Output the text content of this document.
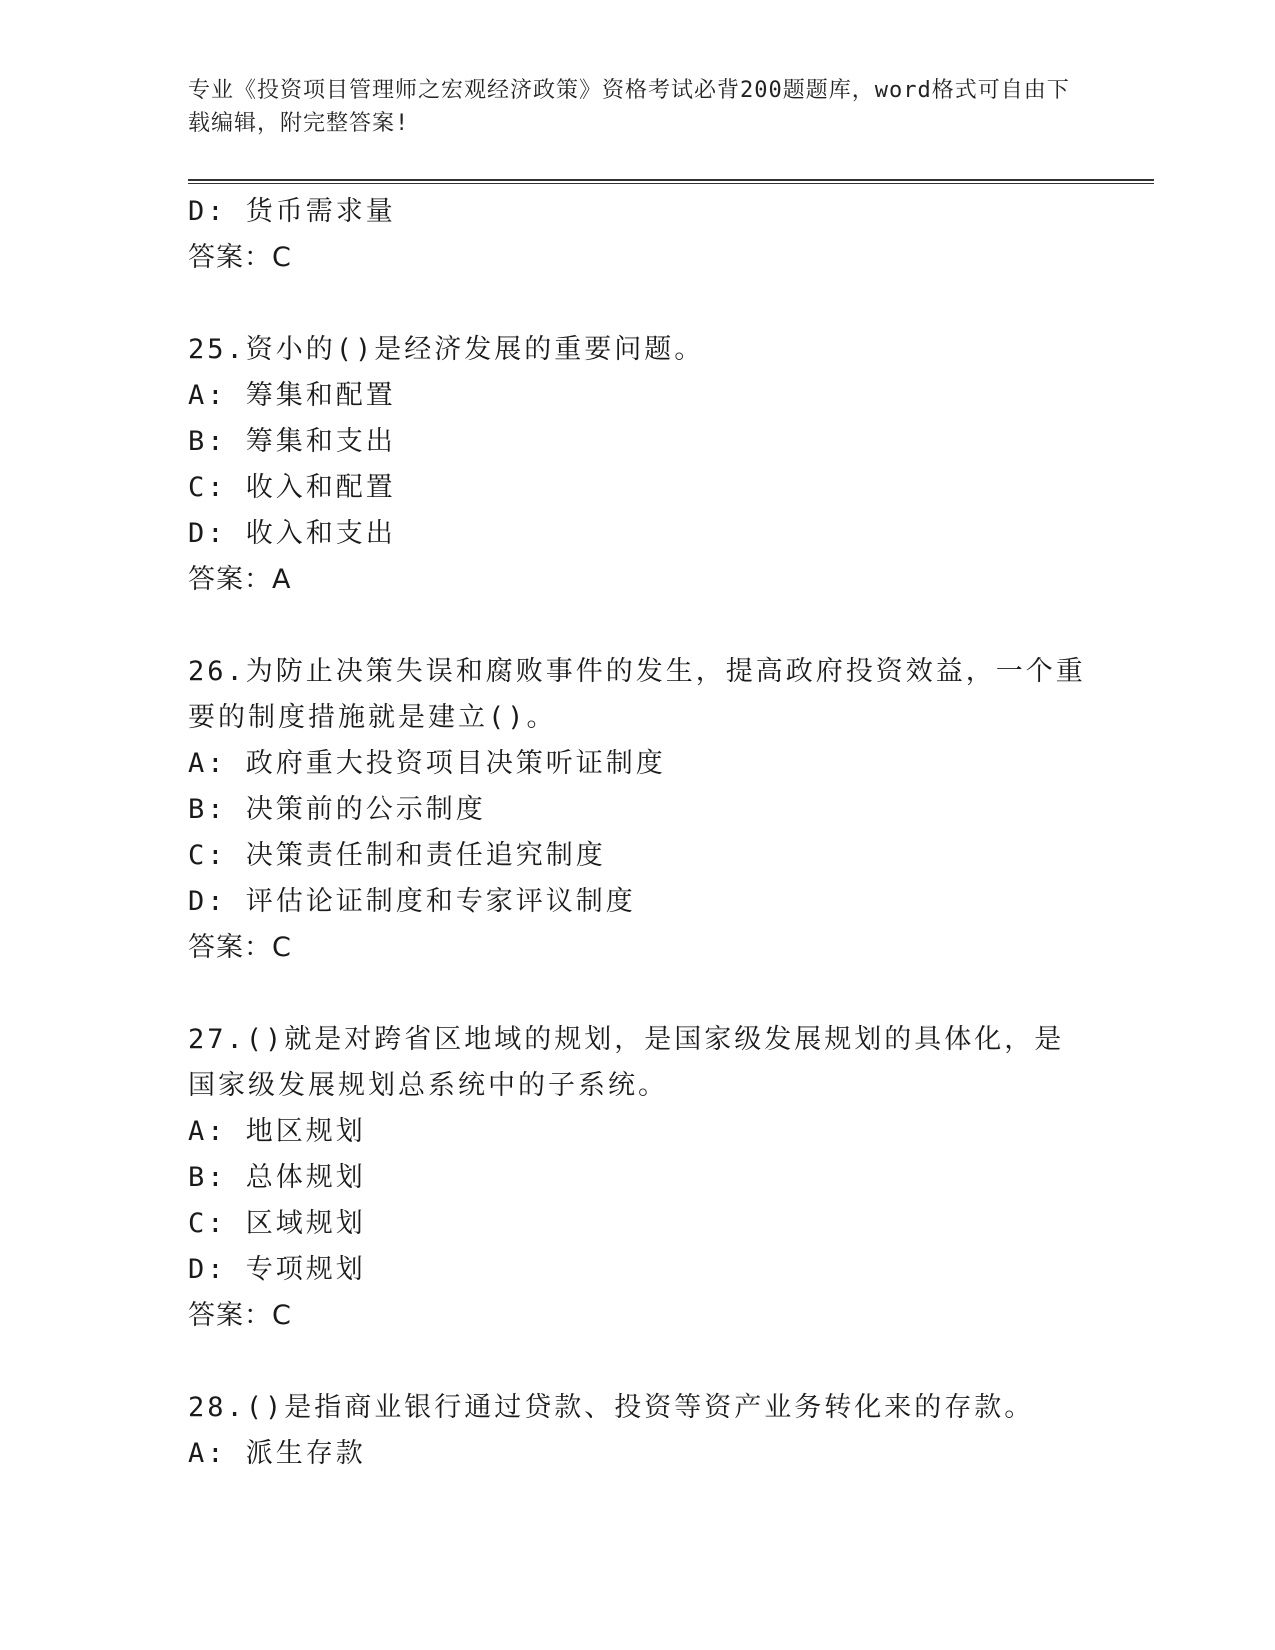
专业《投资项目管理师之宏观经济政策》资格考试必背200题题库，word格式可自由下载编辑，附完整答案!
D: 货币需求量
答案：C
25.资小的()是经济发展的重要问题。
A: 筹集和配置
B: 筹集和支出
C: 收入和配置
D: 收入和支出
答案：A
26.为防止决策失误和腐败事件的发生，提高政府投资效益，一个重要的制度措施就是建立()。
A: 政府重大投资项目决策听证制度
B: 决策前的公示制度
C: 决策责任制和责任追究制度
D: 评估论证制度和专家评议制度
答案：C
27.()就是对跨省区地域的规划，是国家级发展规划的具体化，是国家级发展规划总系统中的子系统。
A: 地区规划
B: 总体规划
C: 区域规划
D: 专项规划
答案：C
28.()是指商业银行通过贷款、投资等资产业务转化来的存款。
A: 派生存款
